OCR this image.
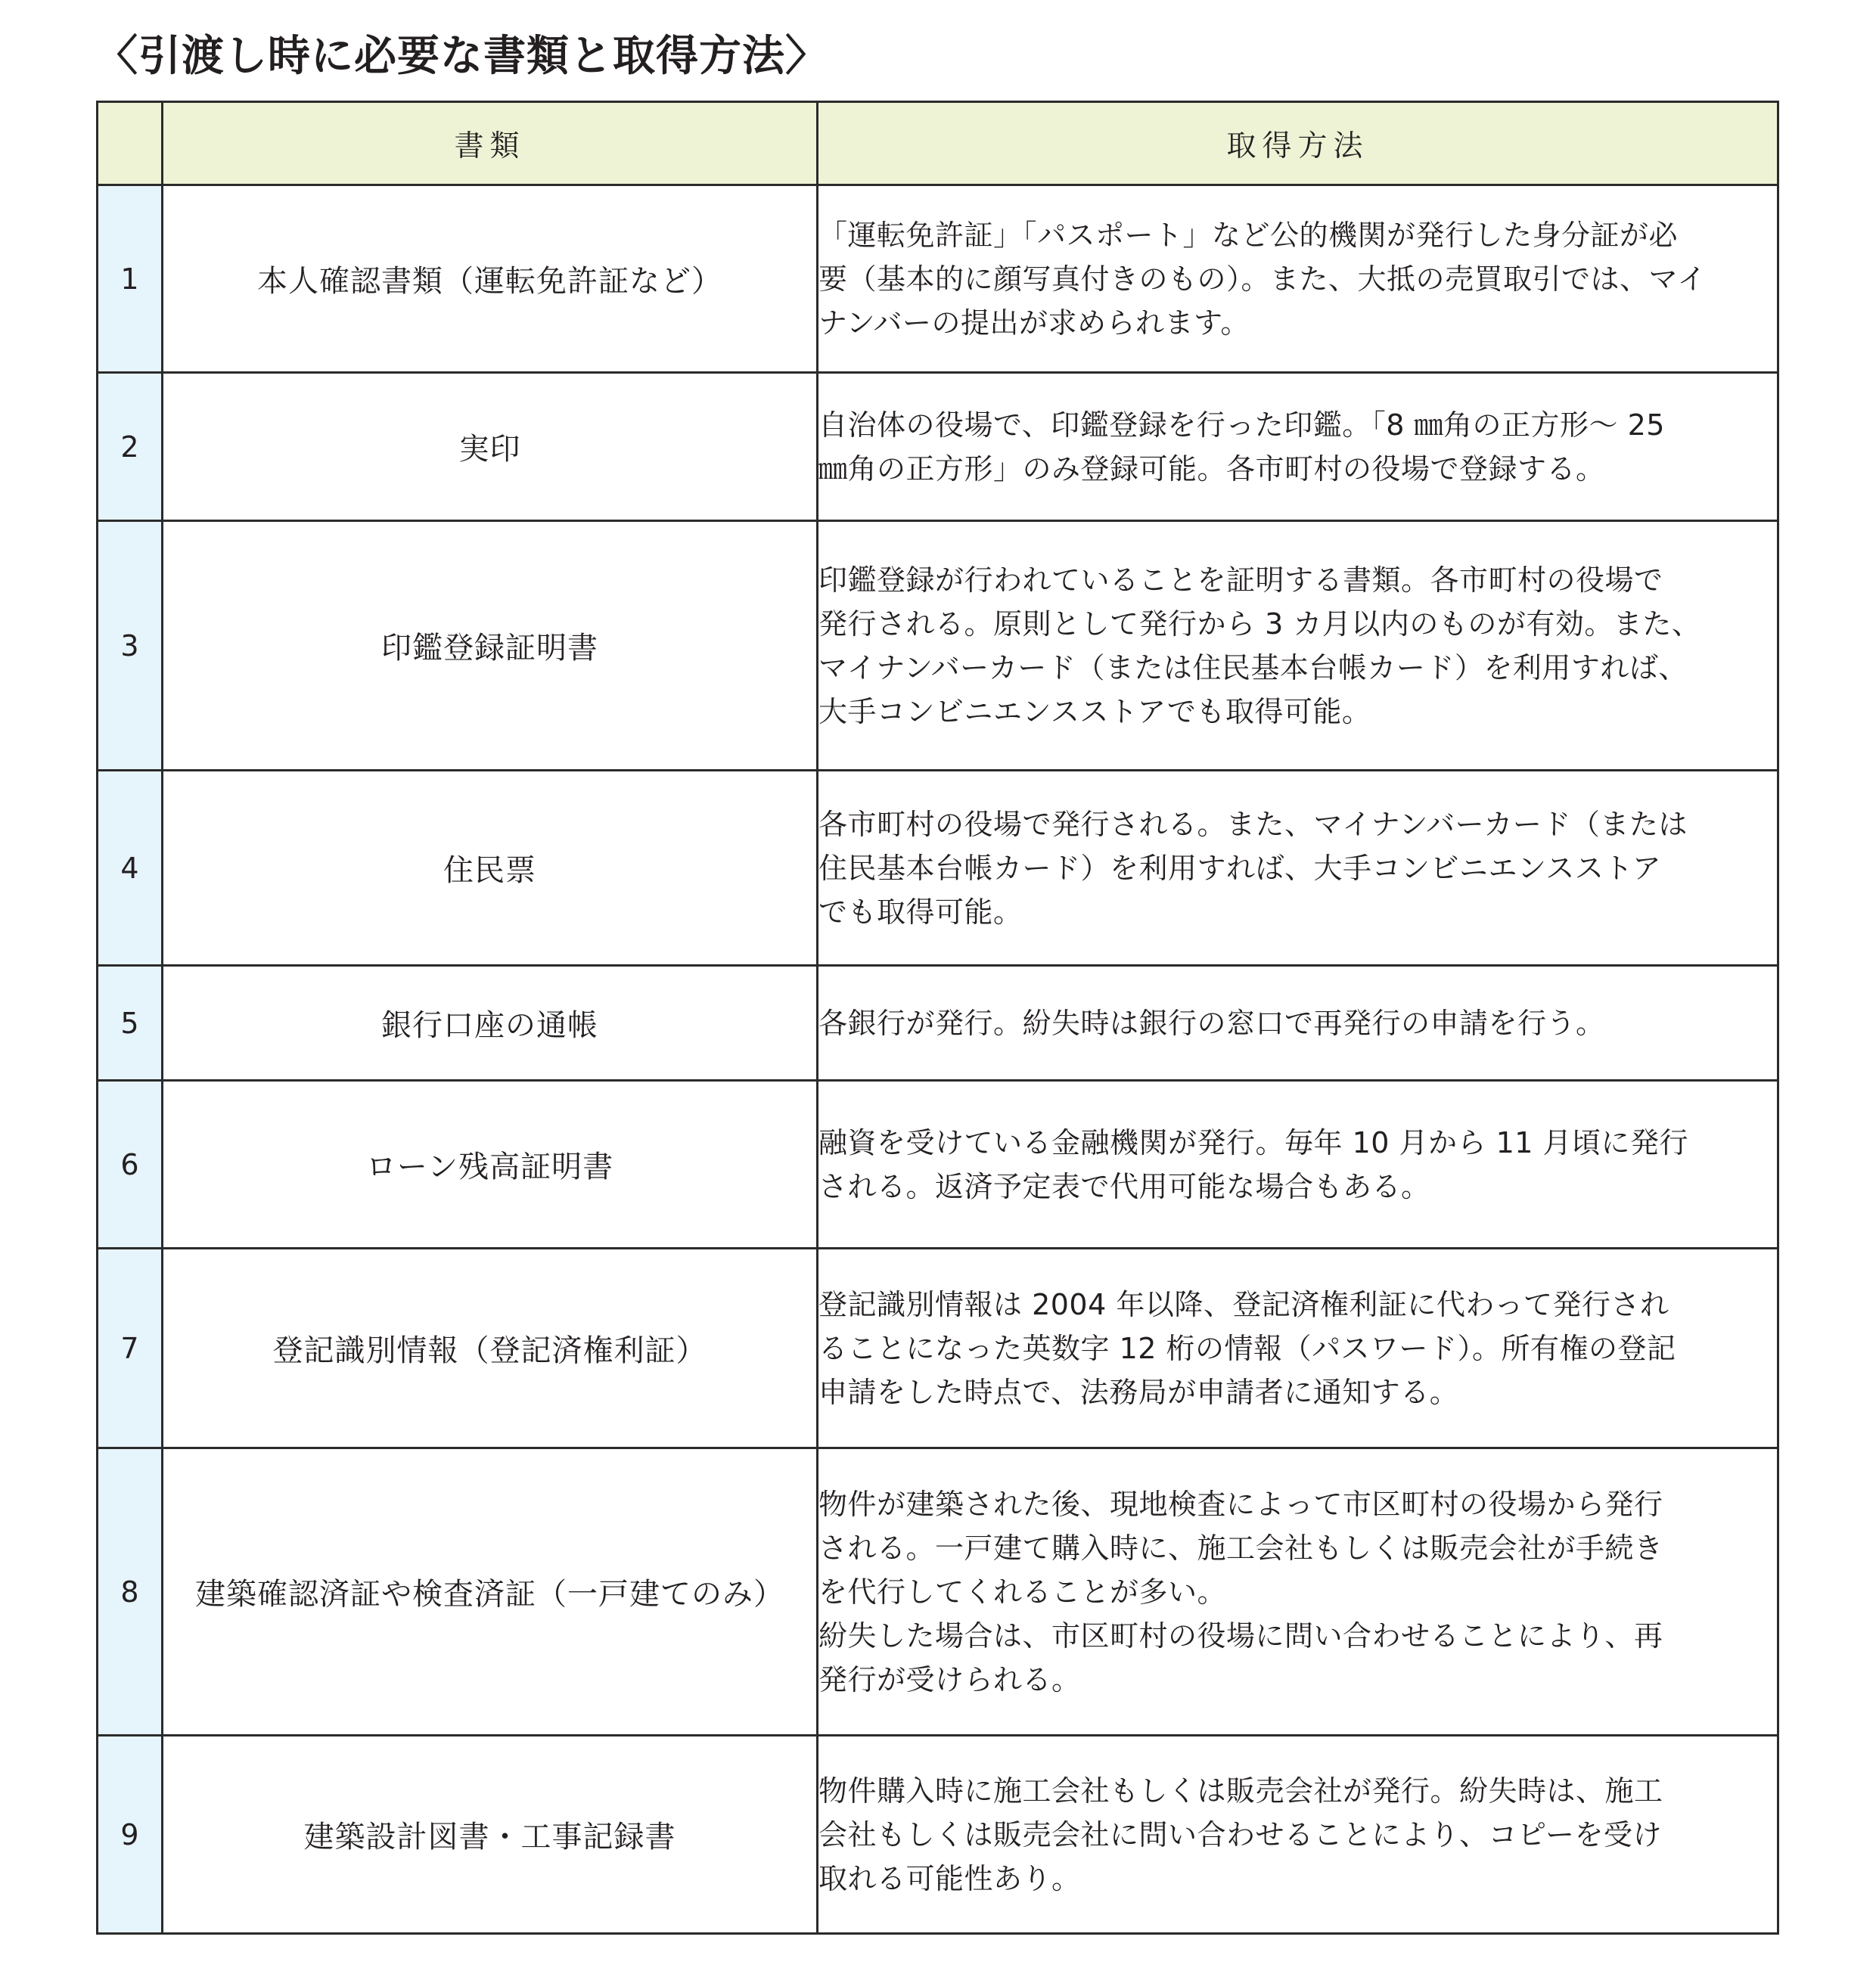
〈引渡し時に必要な書類と取得方法〉
	書類	取得方法
1	本人確認書類（運転免許証など）	「運転免許証」「パスポート」など公的機関が発行した身分証が必
要（基本的に顔写真付きのもの）。また、大抵の売買取引では、マイ
ナンバーの提出が求められます。

2	実印	自治体の役場で、印鑑登録を行った印鑑。「8 ㎜角の正方形～ 25
㎜角の正方形」のみ登録可能。各市町村の役場で登録する。

3	印鑑登録証明書	印鑑登録が行われていることを証明する書類。各市町村の役場で
発行される。原則として発行から 3 カ月以内のものが有効。また、
マイナンバーカード（または住民基本台帳カード）を利用すれば、
大手コンビニエンスストアでも取得可能。

4	住民票	各市町村の役場で発行される。また、マイナンバーカード（または
住民基本台帳カード）を利用すれば、大手コンビニエンスストア
でも取得可能。

5	銀行口座の通帳	各銀行が発行。紛失時は銀行の窓口で再発行の申請を行う。

6	ローン残高証明書	融資を受けている金融機関が発行。毎年 10 月から 11 月頃に発行
される。返済予定表で代用可能な場合もある。

7	登記識別情報（登記済権利証）	登記識別情報は 2004 年以降、登記済権利証に代わって発行され
ることになった英数字 12 桁の情報（パスワード）。所有権の登記
申請をした時点で、法務局が申請者に通知する。

8	建築確認済証や検査済証（一戸建てのみ）	物件が建築された後、現地検査によって市区町村の役場から発行
される。一戸建て購入時に、施工会社もしくは販売会社が手続き
を代行してくれることが多い。
紛失した場合は、市区町村の役場に問い合わせることにより、再
発行が受けられる。

9	建築設計図書・工事記録書	物件購入時に施工会社もしくは販売会社が発行。紛失時は、施工
会社もしくは販売会社に問い合わせることにより、コピーを受け
取れる可能性あり。
